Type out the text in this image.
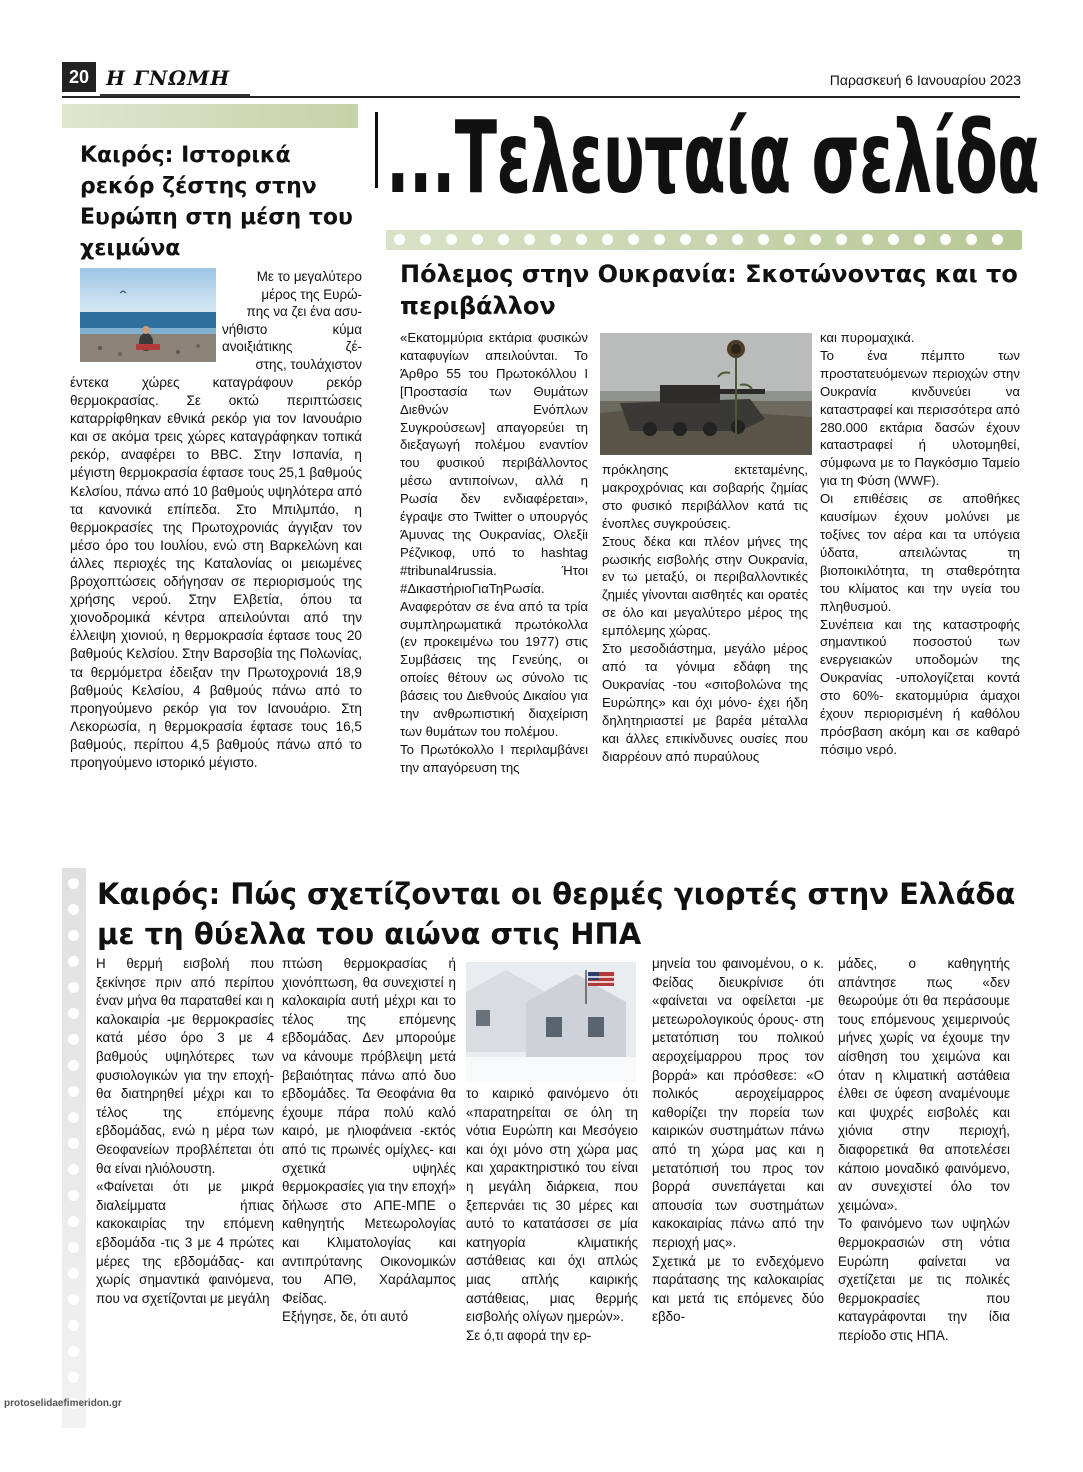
20 Η ΓΝΩΜΗ	Παρασκευή 6 Ιανουαρίου 2023
...Τελευταία σελίδα
Καιρός: Ιστορικά ρεκόρ ζέστης στην Ευρώπη στη μέση του χειμώνα
Με το μεγαλύτερο
μέρος της Ευρώ-
πης να ζει ένα ασυ-
νήθιστο κύμα
ανοιξιάτικης ζέ-
στης, τουλάχιστον
έντεκα χώρες καταγράφουν ρεκόρ θερμοκρασίας. Σε οκτώ περιπτώσεις καταρρίφθηκαν εθνικά ρεκόρ για τον Ιανουάριο και σε ακόμα τρεις χώρες καταγράφηκαν τοπικά ρεκόρ, αναφέρει το BBC. Στην Ισπανία, η μέγιστη θερμοκρασία έφτασε τους 25,1 βαθμούς Κελσίου, πάνω από 10 βαθμούς υψηλότερα από τα κανονικά επίπεδα. Στο Μπιλμπάο, η θερμοκρασίες της Πρωτοχρονιάς άγγιξαν τον μέσο όρο του Ιουλίου, ενώ στη Βαρκελώνη και άλλες περιοχές της Καταλονίας οι μειωμένες βροχοπτώσεις οδήγησαν σε περιορισμούς της χρήσης νερού. Στην Ελβετία, όπου τα χιονοδρομικά κέντρα απειλούνται από την έλλειψη χιονιού, η θερμοκρασία έφτασε τους 20 βαθμούς Κελσίου. Στην Βαρσοβία της Πολωνίας, τα θερμόμετρα έδειξαν την Πρωτοχρονιά 18,9 βαθμούς Κελσίου, 4 βαθμούς πάνω από το προηγούμενο ρεκόρ για τον Ιανουάριο. Στη Λεκορωσία, η θερμοκρασία έφτασε τους 16,5 βαθμούς, περίπου 4,5 βαθμούς πάνω από το προηγούμενο ιστορικό μέγιστο.
Πόλεμος στην Ουκρανία: Σκοτώνοντας και το περιβάλλον
«Εκατομμύρια εκτάρια φυσικών καταφυγίων απειλούνται. Το Άρθρο 55 του Πρωτοκόλλου Ι [Προστασία των Θυμάτων Διεθνών Ενόπλων Συγκρούσεων] απαγορεύει τη διεξαγωγή πολέμου εναντίον του φυσικού περιβάλλοντος μέσω αντιποίνων, αλλά η Ρωσία δεν ενδιαφέρεται», έγραψε στο Twitter ο υπουργός Άμυνας της Ουκρανίας, Ολεξίι Ρέζνικοφ, υπό το hashtag #tribunal4russia. Ήτοι #ΔικαστήριοΓιαΤηΡωσία.
Αναφερόταν σε ένα από τα τρία συμπληρωματικά πρωτόκολλα (εν προκειμένω του 1977) στις Συμβάσεις της Γενεύης, οι οποίες θέτουν ως σύνολο τις βάσεις του Διεθνούς Δικαίου για την ανθρωπιστική διαχείριση των θυμάτων του πολέμου.
Το Πρωτόκολλο Ι περιλαμβάνει την απαγόρευση της
πρόκλησης εκτεταμένης, μακροχρόνιας και σοβαρής ζημίας στο φυσικό περιβάλλον κατά τις ένοπλες συγκρούσεις.
Στους δέκα και πλέον μήνες της ρωσικής εισβολής στην Ουκρανία, εν τω μεταξύ, οι περιβαλλοντικές ζημιές γίνονται αισθητές και ορατές σε όλο και μεγαλύτερο μέρος της εμπόλεμης χώρας.
Στο μεσοδιάστημα, μεγάλο μέρος από τα γόνιμα εδάφη της Ουκρανίας -του «σιτοβολώνα της Ευρώπης» και όχι μόνο- έχει ήδη δηλητηριαστεί με βαρέα μέταλλα και άλλες επικίνδυνες ουσίες που διαρρέουν από πυραύλους
και πυρομαχικά.
Το ένα πέμπτο των προστατευόμενων περιοχών στην Ουκρανία κινδυνεύει να καταστραφεί και περισσότερα από 280.000 εκτάρια δασών έχουν καταστραφεί ή υλοτομηθεί, σύμφωνα με το Παγκόσμιο Ταμείο για τη Φύση (WWF).
Οι επιθέσεις σε αποθήκες καυσίμων έχουν μολύνει με τοξίνες τον αέρα και τα υπόγεια ύδατα, απειλώντας τη βιοποικιλότητα, τη σταθερότητα του κλίματος και την υγεία του πληθυσμού.
Συνέπεια και της καταστροφής σημαντικού ποσοστού των ενεργειακών υποδομών της Ουκρανίας -υπολογίζεται κοντά στο 60%- εκατομμύρια άμαχοι έχουν περιορισμένη ή καθόλου πρόσβαση ακόμη και σε καθαρό πόσιμο νερό.
Καιρός: Πώς σχετίζονται οι θερμές γιορτές στην Ελλάδα με τη θύελλα του αιώνα στις ΗΠΑ
Η θερμή εισβολή που ξεκίνησε πριν από περίπου έναν μήνα θα παραταθεί και η καλοκαιρία -με θερμοκρασίες κατά μέσο όρο 3 με 4 βαθμούς υψηλότερες των φυσιολογικών για την εποχή- θα διατηρηθεί μέχρι και το τέλος της επόμενης εβδομάδας, ενώ η μέρα των Θεοφανείων προβλέπεται ότι θα είναι ηλιόλουστη.
«Φαίνεται ότι με μικρά διαλείμματα ήπιας κακοκαιρίας την επόμενη εβδομάδα -τις 3 με 4 πρώτες μέρες της εβδομάδας- και χωρίς σημαντικά φαινόμενα, που να σχετίζονται με μεγάλη
πτώση θερμοκρασίας ή χιονόπτωση, θα συνεχιστεί η καλοκαιρία αυτή μέχρι και το τέλος της επόμενης εβδομάδας. Δεν μπορούμε να κάνουμε πρόβλεψη μετά βεβαιότητας πάνω από δυο εβδομάδες. Τα Θεοφάνια θα έχουμε πάρα πολύ καλό καιρό, με ηλιοφάνεια -εκτός από τις πρωινές ομίχλες- και σχετικά υψηλές θερμοκρασίες για την εποχή» δήλωσε στο ΑΠΕ-ΜΠΕ ο καθηγητής Μετεωρολογίας και Κλιματολογίας και αντιπρύτανης Οικονομικών του ΑΠΘ, Χαράλαμπος Φείδας.
Εξήγησε, δε, ότι αυτό
το καιρικό φαινόμενο ότι «παρατηρείται σε όλη τη νότια Ευρώπη και Μεσόγειο και όχι μόνο στη χώρα μας και χαρακτηριστικό του είναι η μεγάλη διάρκεια, που ξεπερνάει τις 30 μέρες και αυτό το κατατάσσει σε μία κατηγορία κλιματικής αστάθειας και όχι απλώς μιας απλής καιρικής αστάθειας, μιας θερμής εισβολής ολίγων ημερών».
Σε ό,τι αφορά την ερ-
μηνεία του φαινομένου, ο κ. Φείδας διευκρίνισε ότι «φαίνεται να οφείλεται -με μετεωρολογικούς όρους- στη μετατόπιση του πολικού αεροχείμαρρου προς τον βορρά» και πρόσθεσε: «Ο πολικός αεροχείμαρρος καθορίζει την πορεία των καιρικών συστημάτων πάνω από τη χώρα μας και η μετατόπισή του προς τον βορρά συνεπάγεται και απουσία των συστημάτων κακοκαιρίας πάνω από την περιοχή μας».
Σχετικά με το ενδεχόμενο παράτασης της καλοκαιρίας και μετά τις επόμενες δύο εβδο-
μάδες, ο καθηγητής απάντησε πως «δεν θεωρούμε ότι θα περάσουμε τους επόμενους χειμερινούς μήνες χωρίς να έχουμε την αίσθηση του χειμώνα και όταν η κλιματική αστάθεια έλθει σε ύφεση αναμένουμε και ψυχρές εισβολές και χιόνια στην περιοχή, διαφορετικά θα αποτελέσει κάποιο μοναδικό φαινόμενο, αν συνεχιστεί όλο τον χειμώνα».
Το φαινόμενο των υψηλών θερμοκρασιών στη νότια Ευρώπη φαίνεται να σχετίζεται με τις πολικές θερμοκρασίες που καταγράφονται την ίδια περίοδο στις ΗΠΑ.
protoselidaefimeridon.gr
